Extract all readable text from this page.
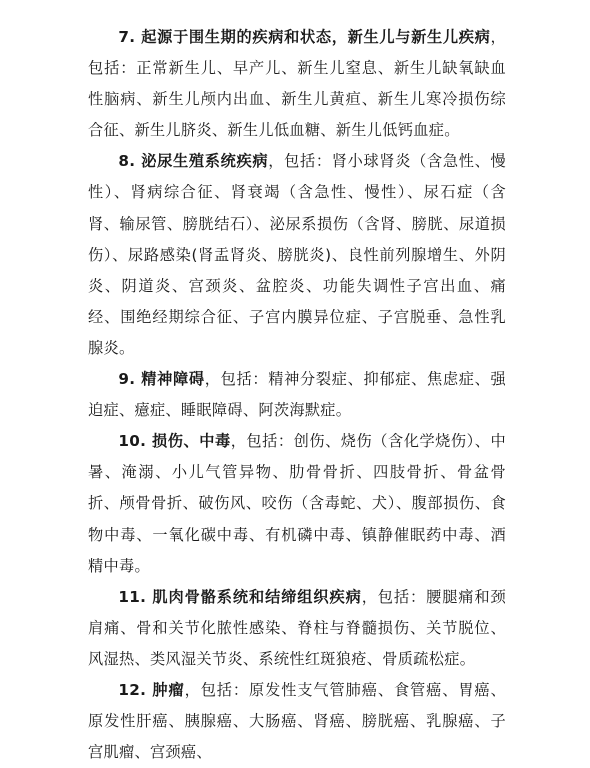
7. 起源于围生期的疾病和状态，新生儿与新生儿疾病，包括：正常新生儿、早产儿、新生儿窒息、新生儿缺氧缺血性脑病、新生儿颅内出血、新生儿黄疸、新生儿寒冷损伤综合征、新生儿脐炎、新生儿低血糖、新生儿低钙血症。

8. 泌尿生殖系统疾病，包括：肾小球肾炎（含急性、慢性）、肾病综合征、肾衰竭（含急性、慢性）、尿石症（含肾、输尿管、膀胱结石）、泌尿系损伤（含肾、膀胱、尿道损伤）、尿路感染(肾盂肾炎、膀胱炎)、良性前列腺增生、外阴炎、阴道炎、宫颈炎、盆腔炎、功能失调性子宫出血、痛经、围绝经期综合征、子宫内膜异位症、子宫脱垂、急性乳腺炎。

9. 精神障碍，包括：精神分裂症、抑郁症、焦虑症、强迫症、癔症、睡眠障碍、阿茨海默症。

10. 损伤、中毒，包括：创伤、烧伤（含化学烧伤）、中暑、淹溺、小儿气管异物、肋骨骨折、四肢骨折、骨盆骨折、颅骨骨折、破伤风、咬伤（含毒蛇、犬）、腹部损伤、食物中毒、一氧化碳中毒、有机磷中毒、镇静催眠药中毒、酒精中毒。

11. 肌肉骨骼系统和结缔组织疾病，包括：腰腿痛和颈肩痛、骨和关节化脓性感染、脊柱与脊髓损伤、关节脱位、风湿热、类风湿关节炎、系统性红斑狼疮、骨质疏松症。

12. 肿瘤，包括：原发性支气管肺癌、食管癌、胃癌、原发性肝癌、胰腺癌、大肠癌、肾癌、膀胱癌、乳腺癌、子宫肌瘤、宫颈癌、
